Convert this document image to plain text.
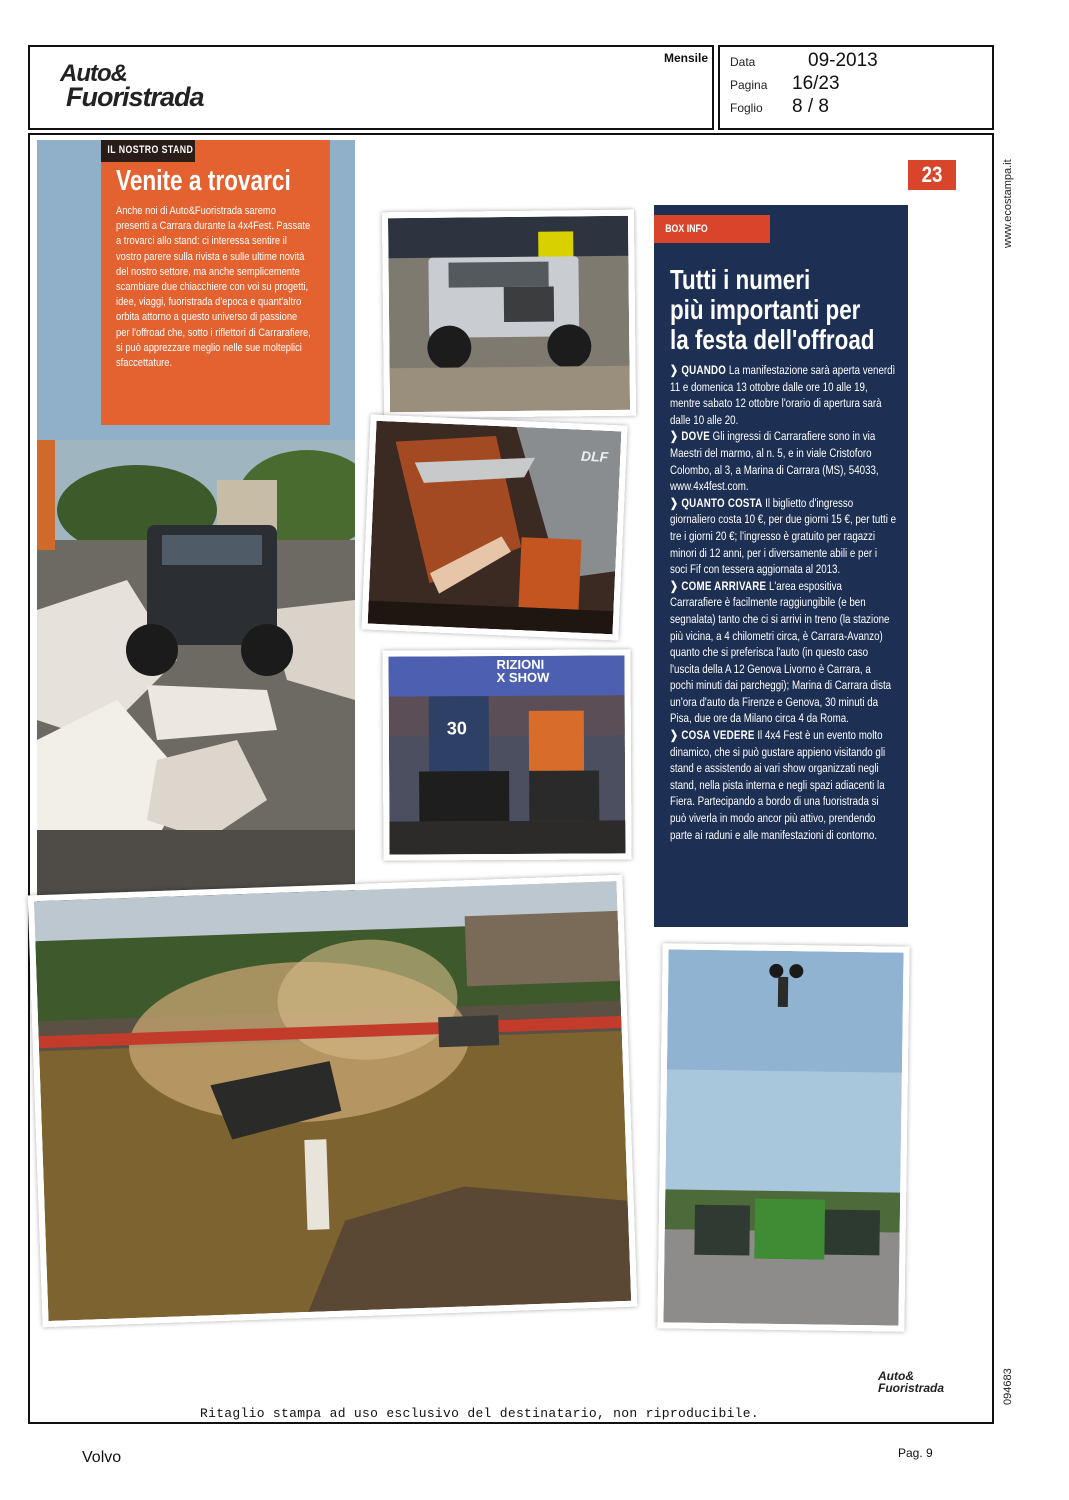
Auto&
Fuoristrada
Mensile Data	09-2013
Pagina 16/23
Foglio 8 / 8
www.ecostampa.it
094683
23
IL NOSTRO STAND
Venite a trovarci
Anche noi di Auto&Fuoristrada saremo presenti a Carrara durante la 4x4Fest. Passate a trovarci allo stand: ci interessa sentire il vostro parere sulla rivista e sulle ultime novità del nostro settore, ma anche semplicemente scambiare due chiacchiere con voi su progetti, idee, viaggi, fuoristrada d'epoca e quant'altro orbita attorno a questo universo di passione per l'offroad che, sotto i riflettori di Carrarafiere, si può apprezzare meglio nelle sue molteplici sfaccettature.
DLF
RIZIONI
X SHOW
30
BOX INFO
Tutti i numeri
più importanti per
la festa dell'offroad
❯ QUANDO La manifestazione sarà aperta venerdì 11 e domenica 13 ottobre dalle ore 10 alle 19, mentre sabato 12 ottobre l'orario di apertura sarà dalle 10 alle 20.
❯ DOVE Gli ingressi di Carrarafiere sono in via Maestri del marmo, al n. 5, e in viale Cristoforo Colombo, al 3, a Marina di Carrara (MS), 54033, www.4x4fest.com.
❯ QUANTO COSTA Il biglietto d'ingresso giornaliero costa 10 €, per due giorni 15 €, per tutti e tre i giorni 20 €; l'ingresso è gratuito per ragazzi minori di 12 anni, per i diversamente abili e per i soci Fif con tessera aggiornata al 2013.
❯ COME ARRIVARE L'area espositiva Carrarafiere è facilmente raggiungibile (e ben segnalata) tanto che ci si arrivi in treno (la stazione più vicina, a 4 chilometri circa, è Carrara-Avanzo) quanto che si preferisca l'auto (in questo caso l'uscita della A 12 Genova Livorno è Carrara, a pochi minuti dai parcheggi); Marina di Carrara dista un'ora d'auto da Firenze e Genova, 30 minuti da Pisa, due ore da Milano circa 4 da Roma.
❯ COSA VEDERE Il 4x4 Fest è un evento molto dinamico, che si può gustare appieno visitando gli stand e assistendo ai vari show organizzati negli stand, nella pista interna e negli spazi adiacenti la Fiera. Partecipando a bordo di una fuoristrada si può viverla in modo ancor più attivo, prendendo parte ai raduni e alle manifestazioni di contorno.
Auto& Fuoristrada
Ritaglio stampa ad uso esclusivo del destinatario, non riproducibile.
Volvo	Pag. 9
